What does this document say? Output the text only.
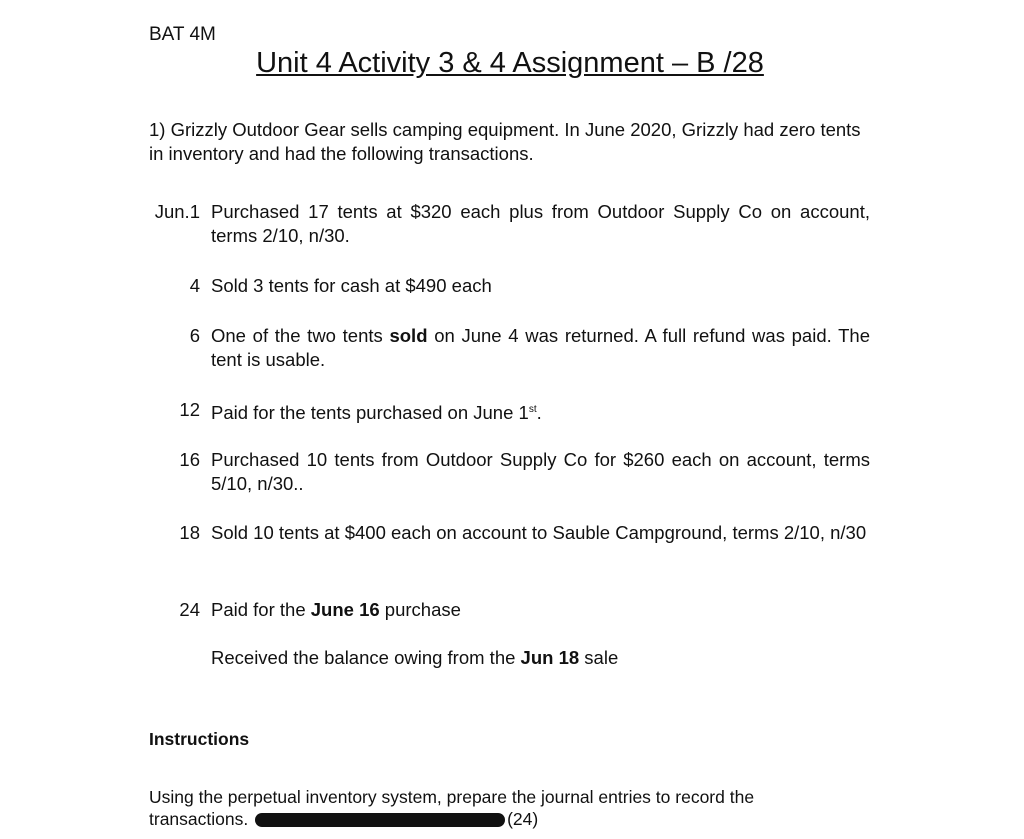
BAT 4M
Unit 4 Activity 3 & 4 Assignment – B /28
1) Grizzly Outdoor Gear sells camping equipment. In June 2020, Grizzly had zero tents in inventory and had the following transactions.
Jun.1 Purchased 17 tents at $320 each plus from Outdoor Supply Co on account, terms 2/10, n/30.
4 Sold 3 tents for cash at $490 each
6 One of the two tents sold on June 4 was returned. A full refund was paid. The tent is usable.
12 Paid for the tents purchased on June 1st.
16 Purchased 10 tents from Outdoor Supply Co for $260 each on account, terms 5/10, n/30..
18 Sold 10 tents at $400 each on account to Sauble Campground, terms 2/10, n/30
24 Paid for the June 16 purchase
Received the balance owing from the Jun 18 sale
Instructions
Using the perpetual inventory system, prepare the journal entries to record the transactions.	(24)
